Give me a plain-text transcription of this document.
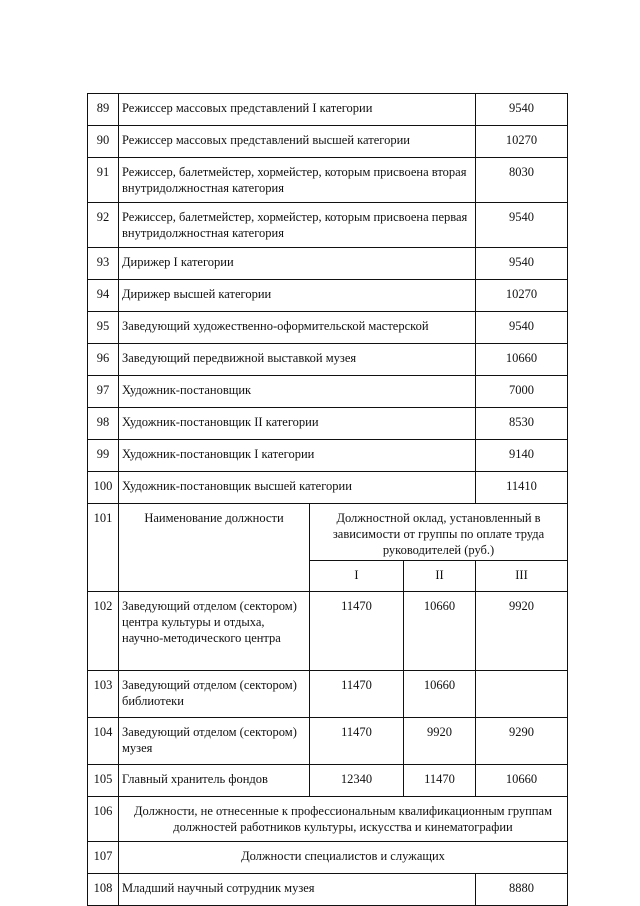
89	Режиссер массовых представлений I категории			9540
90	Режиссер массовых представлений высшей категории			10270
91	Режиссер, балетмейстер, хормейстер, которым присвоена вторая внутридолжностная категория			8030
92	Режиссер, балетмейстер, хормейстер, которым присвоена первая внутридолжностная категория			9540
93	Дирижер I категории			9540
94	Дирижер высшей категории			10270
95	Заведующий художественно-оформительской мастерской			9540
96	Заведующий передвижной выставкой музея			10660
97	Художник-постановщик			7000
98	Художник-постановщик II категории			8530
99	Художник-постановщик I категории			9140
100	Художник-постановщик высшей категории			11410
101	Наименование должности	Должностной оклад, установленный в зависимости от группы по оплате труда руководителей (руб.)		
		I	II	III
102	Заведующий отделом (сектором) центра культуры и отдыха, научно-методического центра	11470	10660	9920
103	Заведующий отделом (сектором) библиотеки	11470	10660	
104	Заведующий отделом (сектором) музея	11470	9920	9290
105	Главный хранитель фондов	12340	11470	10660
106	Должности, не отнесенные к профессиональным квалификационным группам должностей работников культуры, искусства и кинематографии			
107	Должности специалистов и служащих			
108	Младший научный сотрудник музея			8880
